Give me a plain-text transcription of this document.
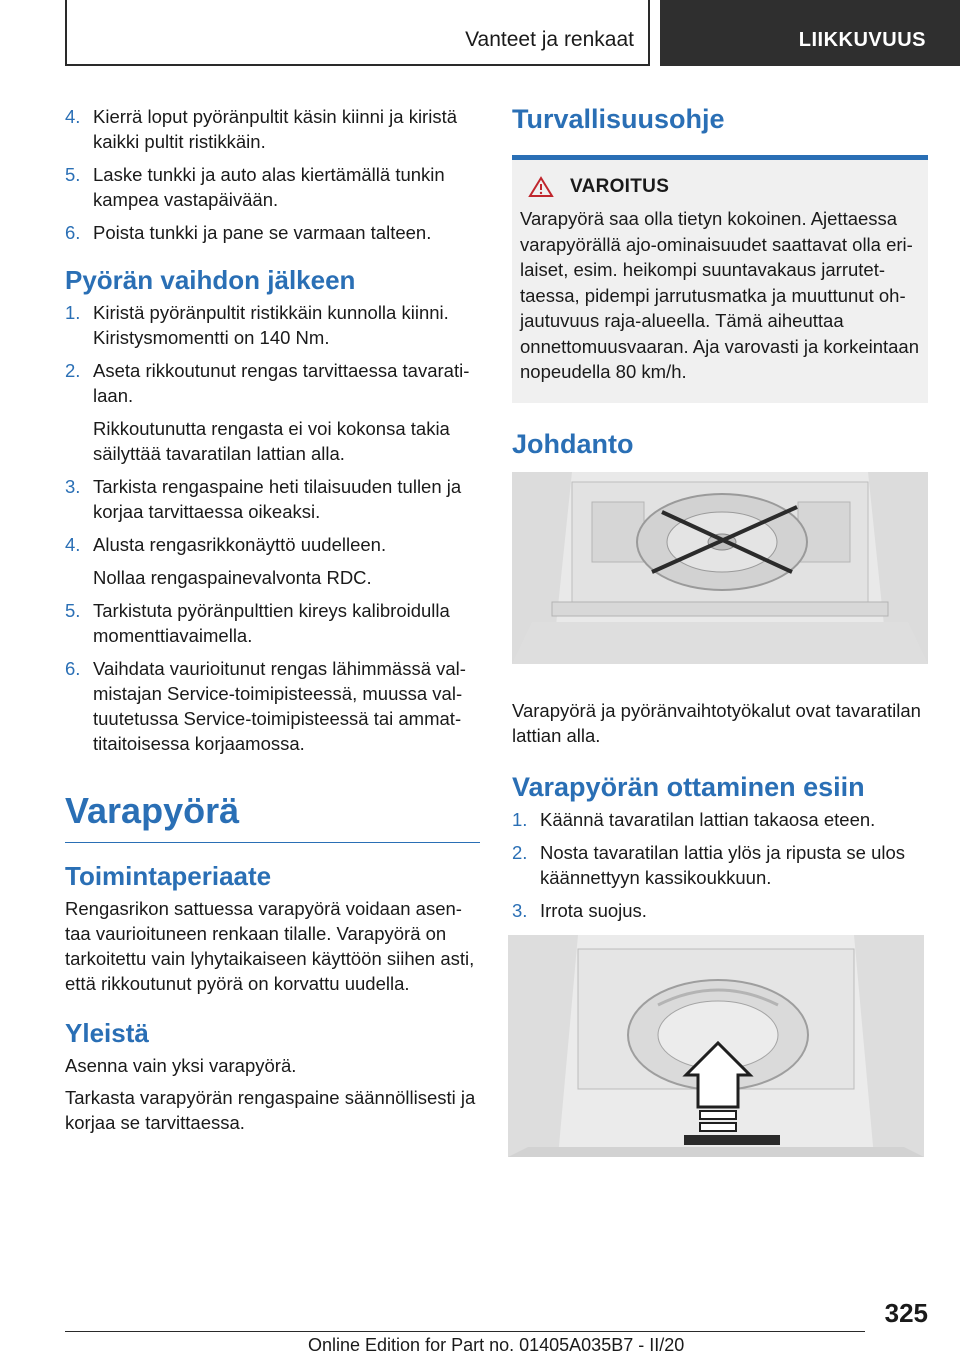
Vanteet ja renkaat	LIIKKUVUUS
4. Kierrä loput pyöränpultit käsin kiinni ja kiristä kaikki pultit ristikkäin.
5. Laske tunkki ja auto alas kiertämällä tunkin kampea vastapäivään.
6. Poista tunkki ja pane se varmaan talteen.
Pyörän vaihdon jälkeen
1. Kiristä pyöränpultit ristikkäin kunnolla kiinni. Kiristysmomentti on 140 Nm.
2. Aseta rikkoutunut rengas tarvittaessa tavaratilaan.
Rikkoutunutta rengasta ei voi kokonsa takia säilyttää tavaratilan lattian alla.
3. Tarkista rengaspaine heti tilaisuuden tullen ja korjaa tarvittaessa oikeaksi.
4. Alusta rengasrikkonäyttö uudelleen.
Nollaa rengaspainevalvonta RDC.
5. Tarkistuta pyöränpulttien kireys kalibroidulla momenttiavaimella.
6. Vaihdata vaurioitunut rengas lähimmässä valmistajan Service-toimipisteessä, muussa valtuutetussa Service-toimipisteessä tai ammattitaitoisessa korjaamossa.
Varapyörä
Toimintaperiaate

Rengasrikon sattuessa varapyörä voidaan asentaa vaurioituneen renkaan tilalle. Varapyörä on tarkoitettu vain lyhytaikaiseen käyttöön siihen asti, että rikkoutunut pyörä on korvattu uudella.

Yleistä

Asenna vain yksi varapyörä.

Tarkasta varapyörän rengaspaine säännöllisesti ja korjaa se tarvittaessa.

Turvallisuusohje
VAROITUS

Varapyörä saa olla tietyn kokoinen. Ajettaessa varapyörällä ajo-ominaisuudet saattavat olla erilaiset, esim. heikompi suuntavakaus jarrutettaessa, pidempi jarrutusmatka ja muuttunut ohjautuvuus raja-alueella. Tämä aiheuttaa onnettomuusvaaran. Aja varovasti ja korkeintaan nopeudella 80 km/h.

Johdanto

Varapyörä ja pyöränvaihtotyökalut ovat tavaratilan lattian alla.

Varapyörän ottaminen esiin
1. Käännä tavaratilan lattian takaosa eteen.
2. Nosta tavaratilan lattia ylös ja ripusta se ulos käännettyyn kassikoukkuun.
3. Irrota suojus.
325
Online Edition for Part no. 01405A035B7 - II/20
